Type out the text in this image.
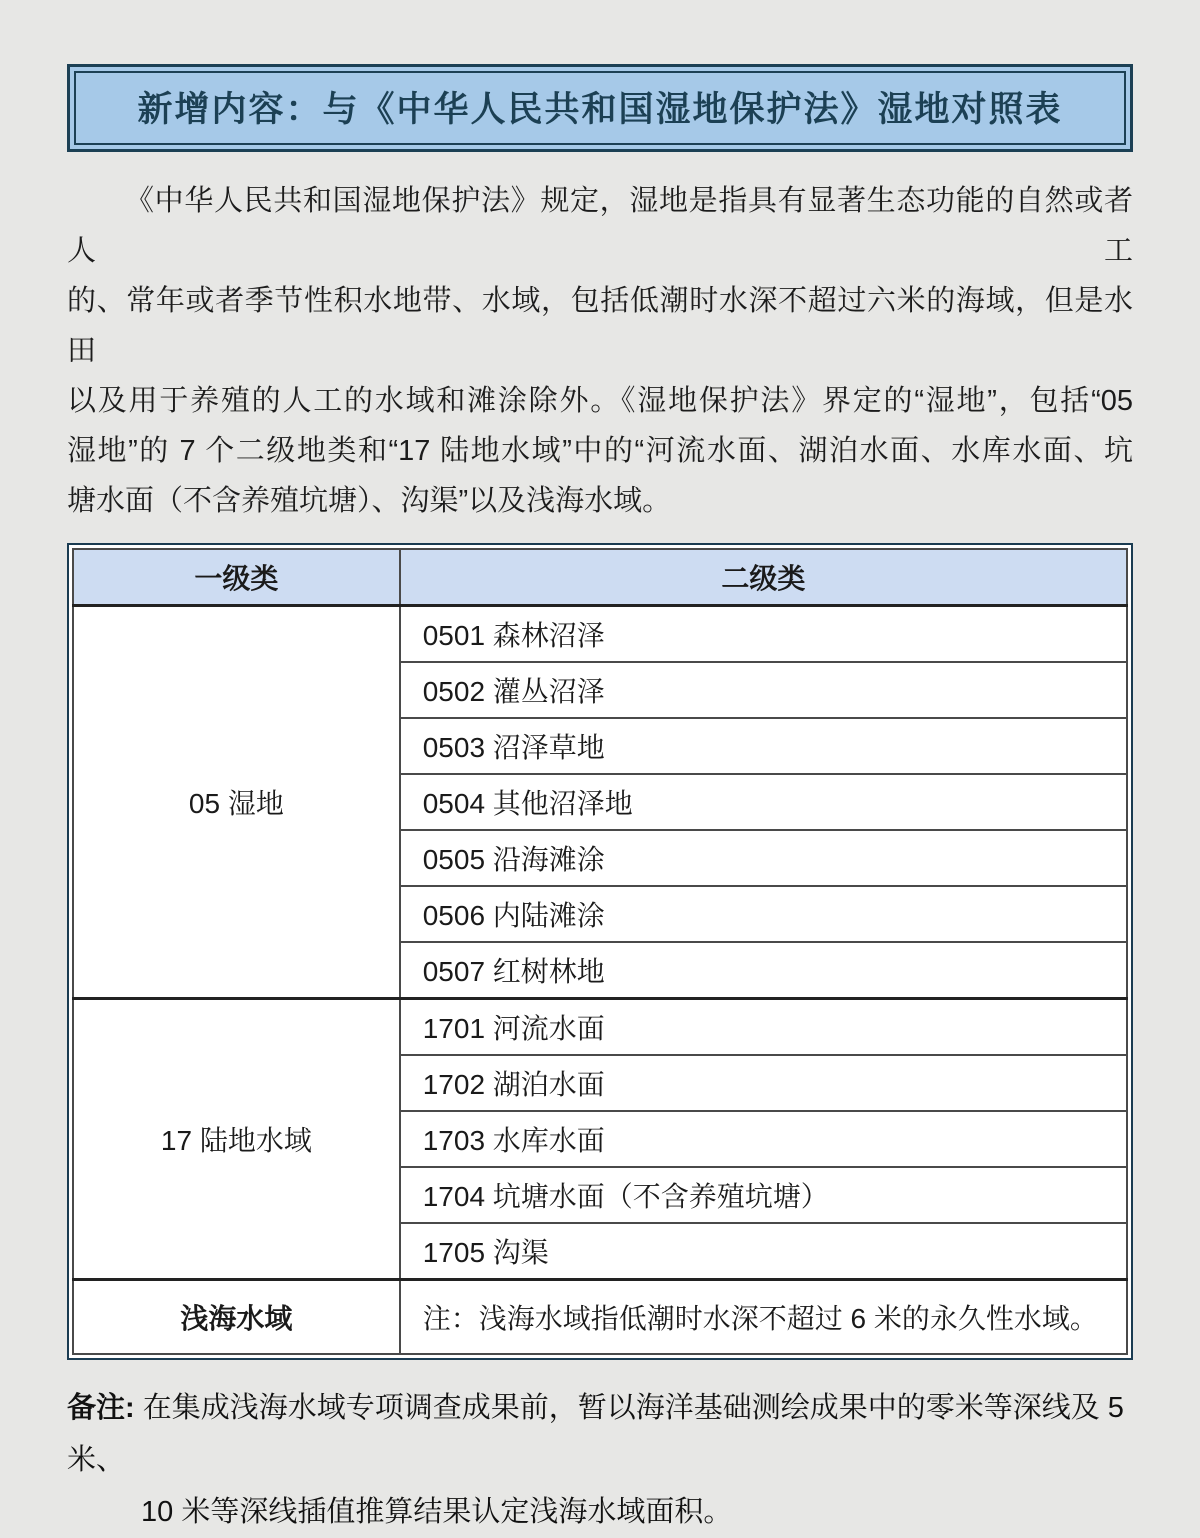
新增内容：与《中华人民共和国湿地保护法》湿地对照表
《中华人民共和国湿地保护法》规定，湿地是指具有显著生态功能的自然或者人工
的、常年或者季节性积水地带、水域，包括低潮时水深不超过六米的海域，但是水田
以及用于养殖的人工的水域和滩涂除外。《湿地保护法》界定的“湿地”，包括“05
湿地”的 7 个二级地类和“17 陆地水域”中的“河流水面、湖泊水面、水库水面、坑
塘水面（不含养殖坑塘）、沟渠”以及浅海水域。
一级类	二级类
05 湿地	0501 森林沼泽
	0502 灌丛沼泽
	0503 沼泽草地
	0504 其他沼泽地
	0505 沿海滩涂
	0506 内陆滩涂
	0507 红树林地
17 陆地水域	1701 河流水面
	1702 湖泊水面
	1703 水库水面
	1704 坑塘水面（不含养殖坑塘）
	1705 沟渠
浅海水域	注：浅海水域指低潮时水深不超过 6 米的永久性水域。
备注: 在集成浅海水域专项调查成果前，暂以海洋基础测绘成果中的零米等深线及 5 米、
10 米等深线插值推算结果认定浅海水域面积。
